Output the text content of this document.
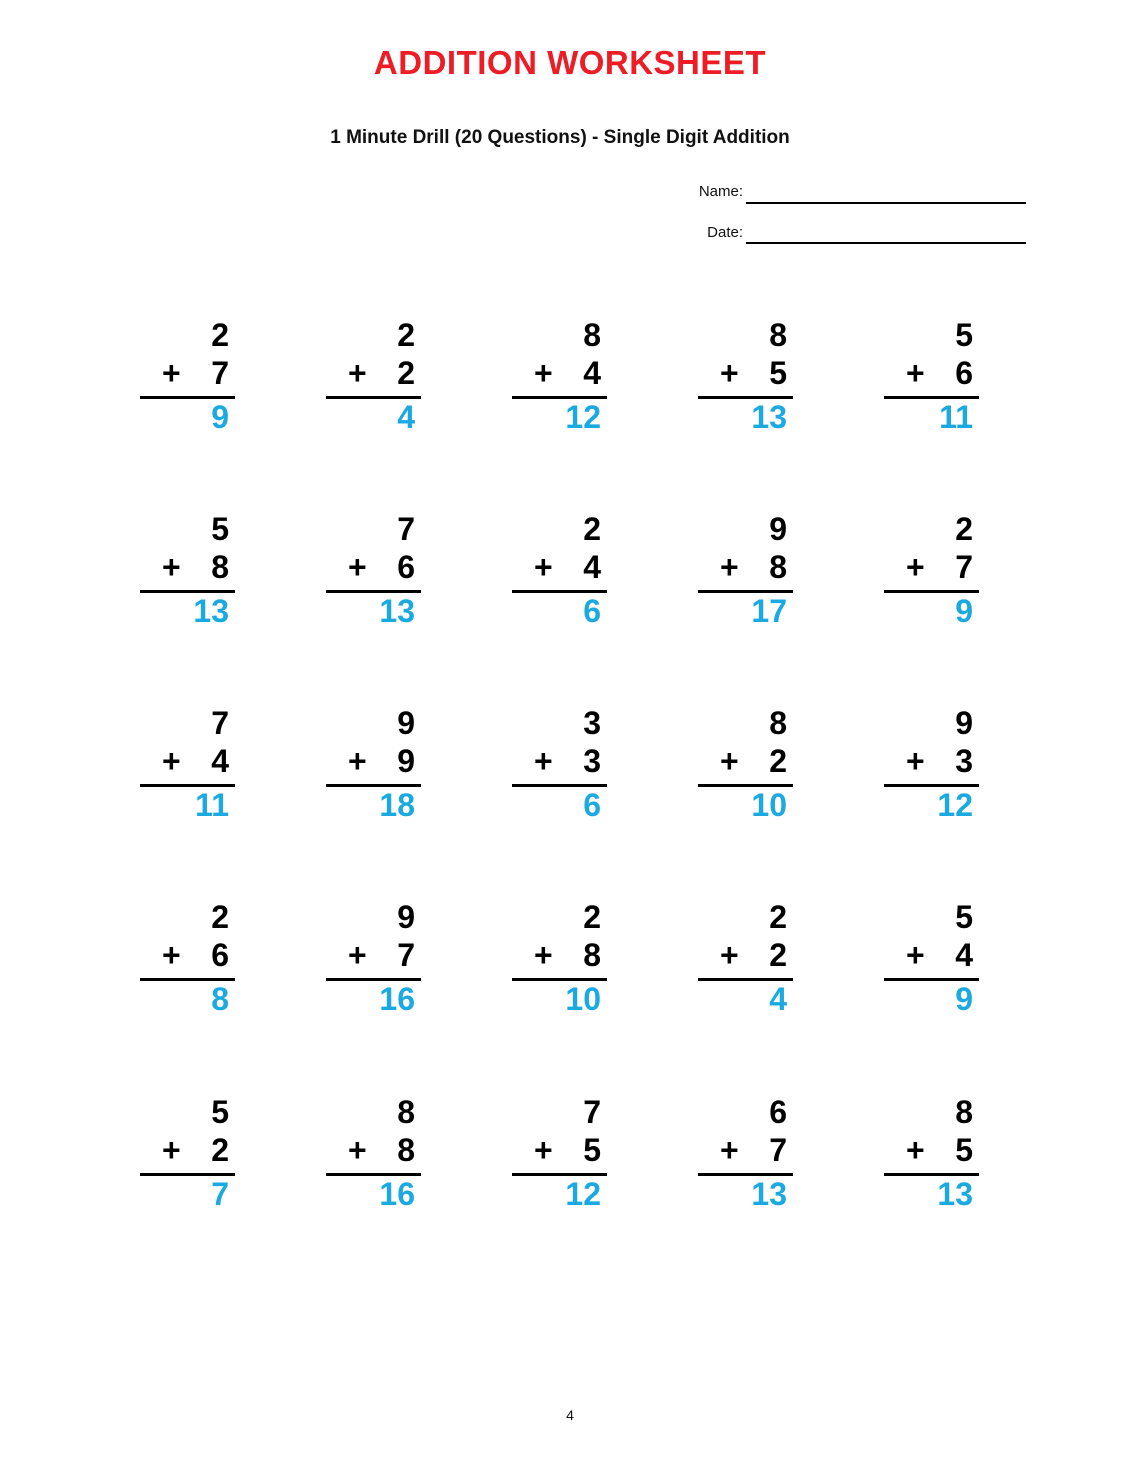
ADDITION WORKSHEET
1 Minute Drill (20 Questions) - Single Digit Addition
Name:
Date:
2
+ 7
9
2
+ 2
4
8
+ 4
12
8
+ 5
13
5
+ 6
11
5
+ 8
13
7
+ 6
13
2
+ 4
6
9
+ 8
17
2
+ 7
9
7
+ 4
11
9
+ 9
18
3
+ 3
6
8
+ 2
10
9
+ 3
12
2
+ 6
8
9
+ 7
16
2
+ 8
10
2
+ 2
4
5
+ 4
9
5
+ 2
7
8
+ 8
16
7
+ 5
12
6
+ 7
13
8
+ 5
13
4
